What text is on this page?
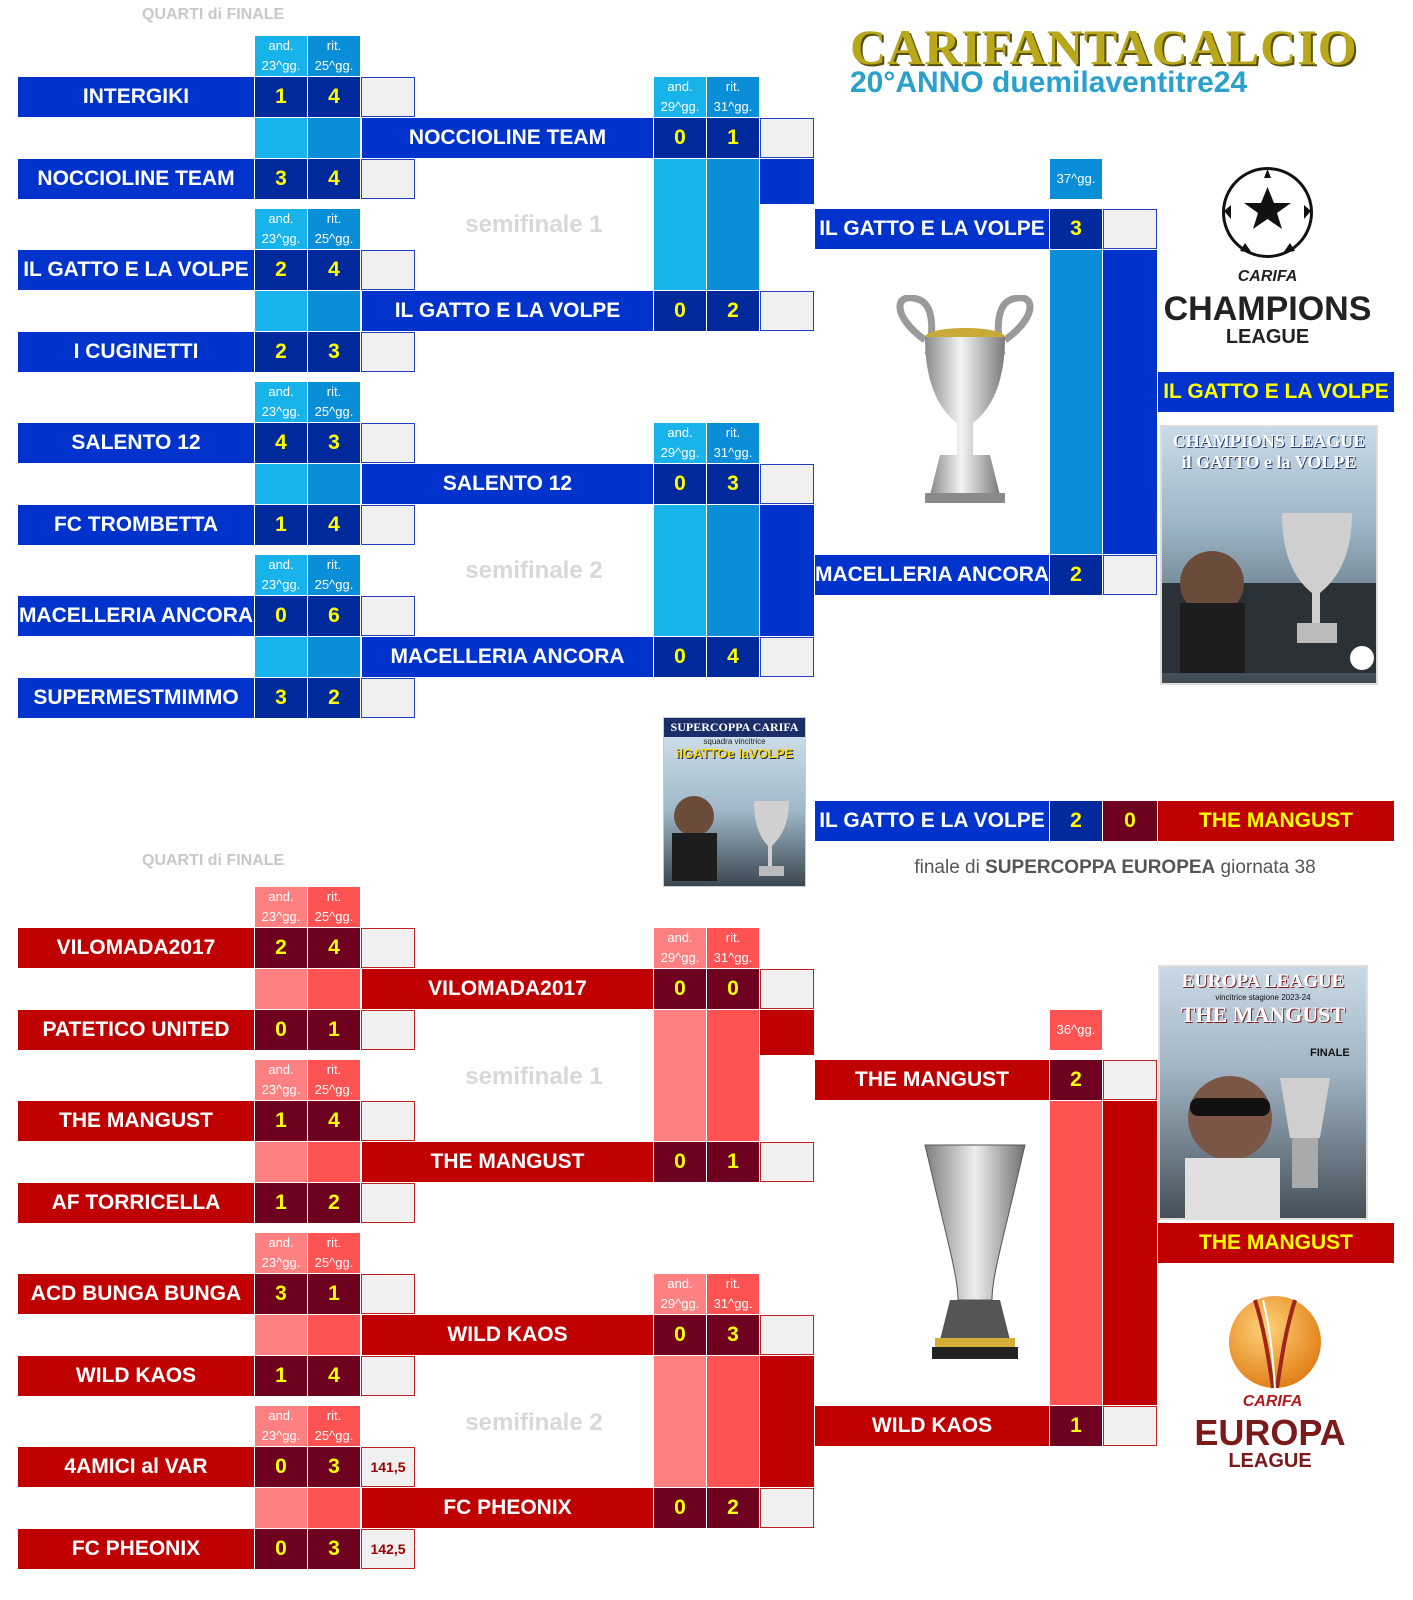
CARIFANTACALCIO
20°ANNO duemilaventitre24
QUARTI di FINALE
and.
23^gg.
rit.
25^gg.
and.
23^gg.
rit.
25^gg.
and.
23^gg.
rit.
25^gg.
and.
23^gg.
rit.
25^gg.
INTERGIKI	1	4
NOCCIOLINE TEAM	3	4
IL GATTO E LA VOLPE	2	4
I CUGINETTI	2	3
SALENTO 12	4	3
FC TROMBETTA	1	4
MACELLERIA ANCORA	0	6
SUPERMESTMIMMO	3	2
and.
29^gg.
rit.
31^gg.
and.
29^gg.
rit.
31^gg.
semifinale 1
semifinale 2
NOCCIOLINE TEAM	0	1
IL GATTO E LA VOLPE	0	2
SALENTO 12	0	3
MACELLERIA ANCORA	0	4
37^gg.
IL GATTO E LA VOLPE	3
MACELLERIA ANCORA	2
IL GATTO E LA VOLPE
CARIFA
CHAMPIONS
LEAGUE
CHAMPIONS LEAGUE
il GATTO e la VOLPE
SUPERCOPPA CARIFA
squadra vincitrice
ilGATTOe laVOLPE
IL GATTO E LA VOLPE	2	0	THE MANGUST
finale di SUPERCOPPA EUROPEA giornata 38
QUARTI di FINALE
and.
23^gg.
rit.
25^gg.
and.
23^gg.
rit.
25^gg.
and.
23^gg.
rit.
25^gg.
and.
23^gg.
rit.
25^gg.
VILOMADA2017	2	4
PATETICO UNITED	0	1
THE MANGUST	1	4
AF TORRICELLA	1	2
ACD BUNGA BUNGA	3	1
WILD KAOS	1	4
4AMICI al VAR	0	3	141,5
FC PHEONIX	0	3	142,5
and.
29^gg.
rit.
31^gg.
and.
29^gg.
rit.
31^gg.
semifinale 1
semifinale 2
VILOMADA2017	0	0
THE MANGUST	0	1
WILD KAOS	0	3
FC PHEONIX	0	2
36^gg.
THE MANGUST	2
WILD KAOS	1
THE MANGUST
EUROPA LEAGUE
vincitrice stagione 2023-24
THE MANGUST
FINALE
CARIFA
EUROPA
LEAGUE
